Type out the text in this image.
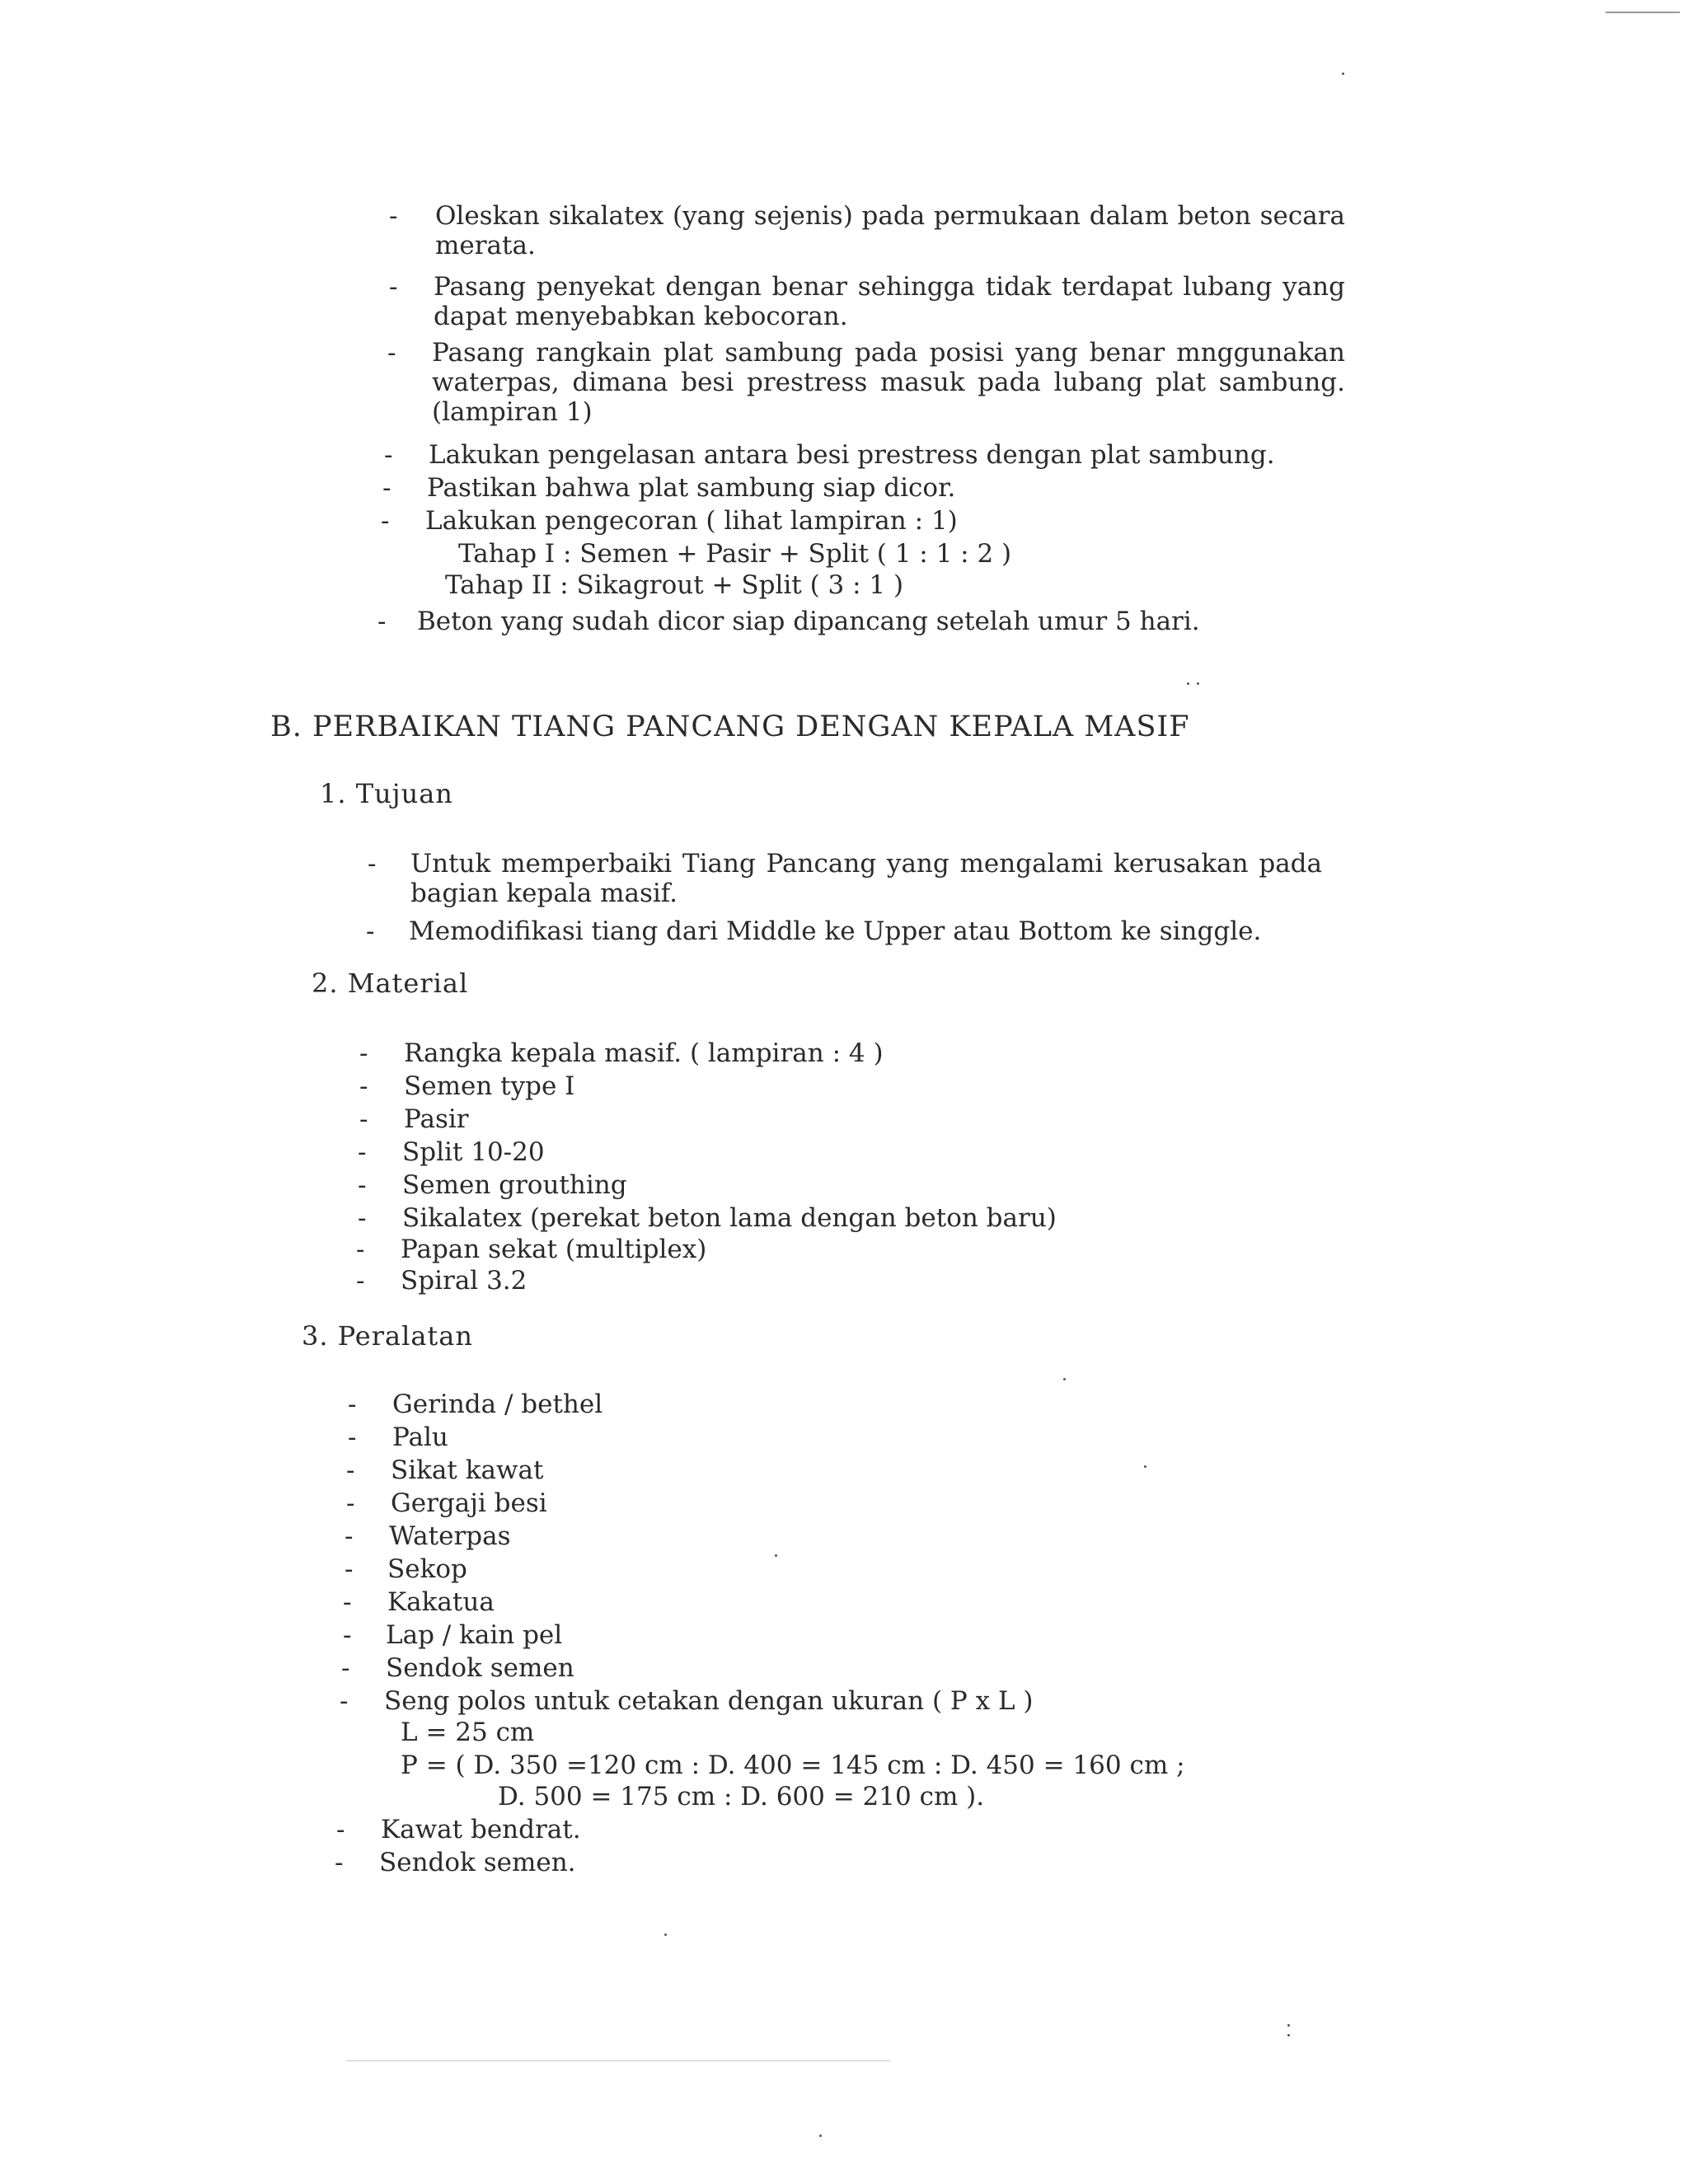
- Oleskan sikalatex (yang sejenis) pada permukaan dalam beton secara merata.
- Pasang penyekat dengan benar sehingga tidak terdapat lubang yang dapat menyebabkan kebocoran.
- Pasang rangkain plat sambung pada posisi yang benar mnggunakan waterpas, dimana besi prestress masuk pada lubang plat sambung. (lampiran 1)
- Lakukan pengelasan antara besi prestress dengan plat sambung.
- Pastikan bahwa plat sambung siap dicor.
- Lakukan pengecoran ( lihat lampiran : 1)
Tahap I : Semen + Pasir + Split ( 1 : 1 : 2 )
Tahap II : Sikagrout + Split ( 3 : 1 )
- Beton yang sudah dicor siap dipancang setelah umur 5 hari.
B. PERBAIKAN TIANG PANCANG DENGAN KEPALA MASIF
1. Tujuan
- Untuk memperbaiki Tiang Pancang yang mengalami kerusakan pada bagian kepala masif.
- Memodifikasi tiang dari Middle ke Upper atau Bottom ke singgle.
2. Material
- Rangka kepala masif. ( lampiran : 4 )
- Semen type I
- Pasir
- Split 10-20
- Semen grouthing
- Sikalatex (perekat beton lama dengan beton baru)
- Papan sekat (multiplex)
- Spiral 3.2
3. Peralatan
- Gerinda / bethel
- Palu
- Sikat kawat
- Gergaji besi
- Waterpas
- Sekop
- Kakatua
- Lap / kain pel
- Sendok semen
- Seng polos untuk cetakan dengan ukuran ( P x L )
L = 25 cm
P = ( D. 350 =120 cm : D. 400 = 145 cm : D. 450 = 160 cm ;
D. 500 = 175 cm : D. 600 = 210 cm ).
- Kawat bendrat.
- Sendok semen.
